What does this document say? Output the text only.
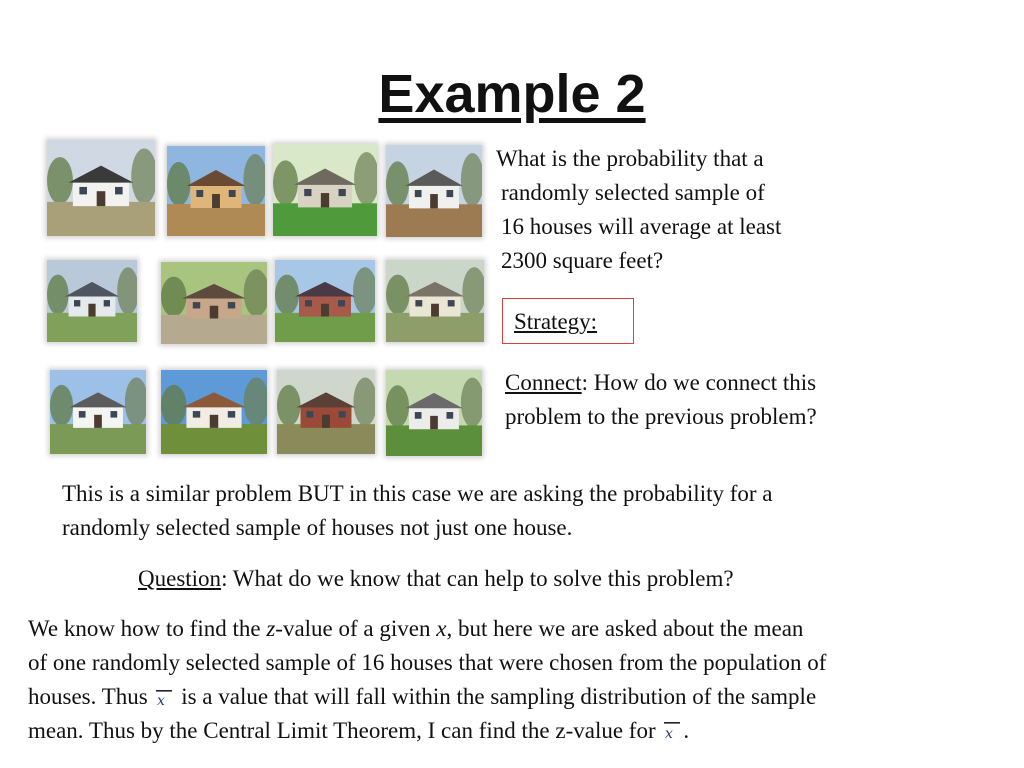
Example 2
What is the probability that a
randomly selected sample of
16 houses will average at least
2300 square feet?
Strategy:
Connect: How do we connect this
problem to the previous problem?
This is a similar problem BUT in this case we are asking the probability for a
randomly selected sample of houses not just one house.
Question: What do we know that can help to solve this problem?
We know how to find the z-value of a given x, but here we are asked about the mean
of one randomly selected sample of 16 houses that were chosen from the population of
houses. Thus x is a value that will fall within the sampling distribution of the sample
mean. Thus by the Central Limit Theorem, I can find the z-value for x .
